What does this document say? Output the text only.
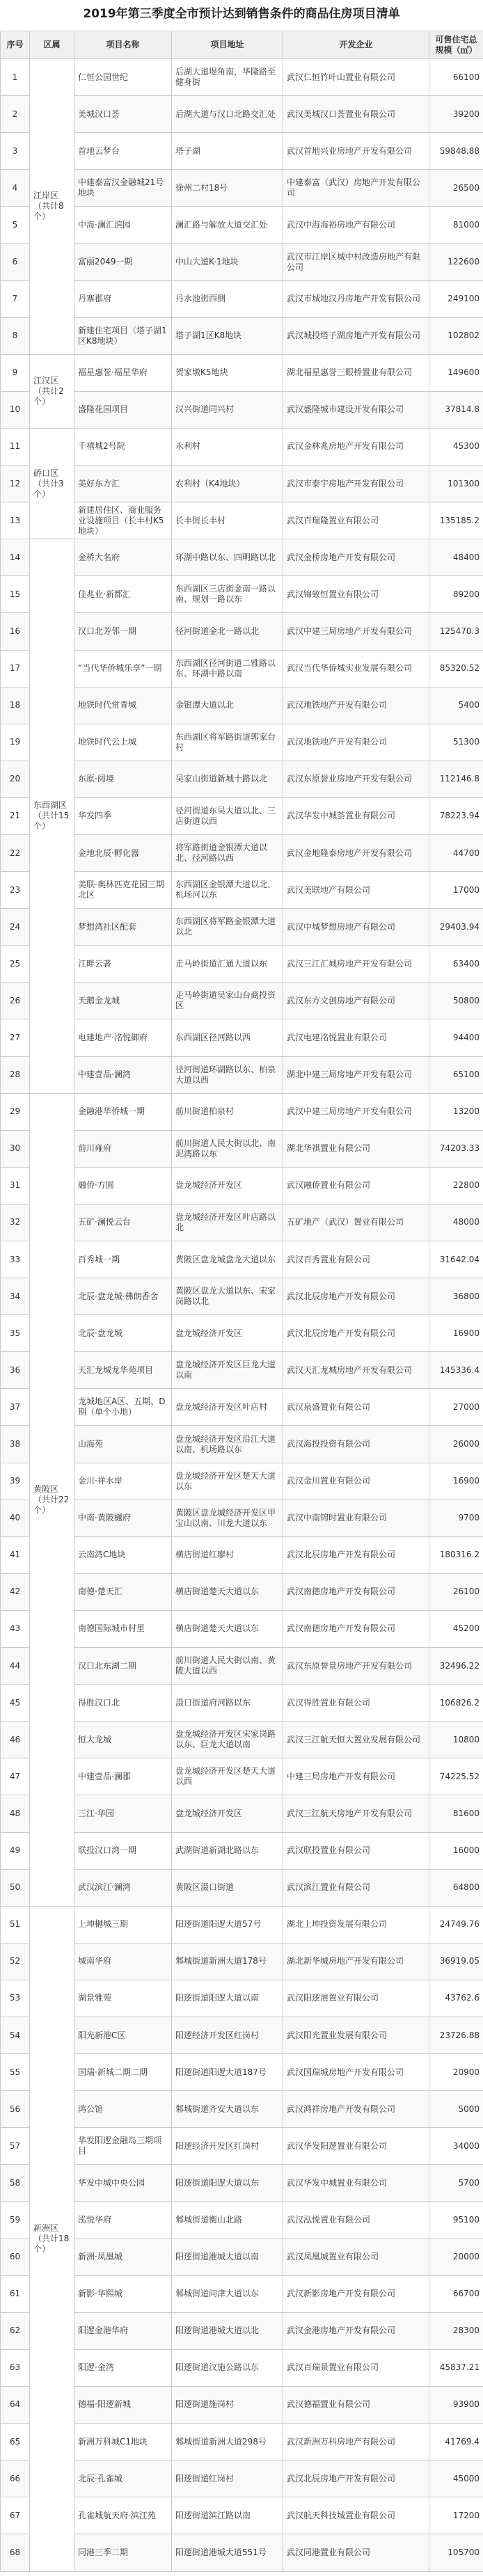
2019年第三季度全市预计达到销售条件的商品住房项目清单
序号	区属	项目名称	项目地址	开发企业	可售住宅总规模（㎡）
1	江岸区（共计8个）	仁恒公园世纪	后湖大道堤角南，华隆路至健身街	武汉仁恒竹叶山置业有限公司	66100
2		美城汉口荟	后湖大道与汉口北路交汇处	武汉美城汉口荟置业有限公司	39200
3		首地云梦台	塔子湖	武汉首地兴业房地产开发有限公司	59848.88
4		中建泰富汉金融城21号地块	徐州二村18号	中建泰富（武汉）房地产开发有限公司	26500
5		中海·澜汇滨园	澜汇路与解放大道交汇处	武汉中海海裕房地产有限公司	81000
6		富丽2049一期	中山大道K-1地块	武汉市江岸区城中村改造房地产有限公司	122600
7		丹寨郡府	丹水池街西侧	武汉市城地汉丹房地产开发有限公司	249100
8		新建住宅项目（塔子湖1区K8地块）	塔子湖1区K8地块	武汉城投塔子湖房地产开发有限公司	102802
9	江汉区（共计2个）	福星惠誉·福星华府	贺家墩K5地块	湖北福星惠誉三眼桥置业有限公司	149600
10		盛隆花园项目	汉兴街道同兴村	武汉盛隆城市建设开发有限公司	37814.8
11	硚口区（共计3个）	千禧城2号院	永利村	武汉金林兆房地产开发有限公司	45300
12		美好东方汇	农利村（K4地块）	武汉市泰宇房地产开发有限公司	101300
13		新建居住区、商业服务业设施项目（长丰村K5地块）	长丰街长丰村	武汉百瑞隆置业有限公司	135185.2
14	东西湖区（共计15个）	金桥大名府	环湖中路以东、四明路以北	武汉金桥房地产开发有限公司	48400
15		佳兆业·新都汇	东西湖区三店街金南一路以南、规划一路以东	武汉锦致恒置业有限公司	89200
16		汉口北芳邻一期	径河街道金北一路以北	武汉中建三局房地产开发有限公司	125470.3
17		“当代华侨城乐享”一期	东西湖区径河街道二雅路以东、环湖中路以南	武汉当代华侨城实业发展有限公司	85320.52
18		地铁时代常青城	金银潭大道以北	武汉地铁地产开发有限公司	5400
19		地铁时代云上城	东西湖区将军路街道郭家台村	武汉地铁地产开发有限公司	51300
20		东原·阅境	吴家山街道新城十路以北	武汉东原誉业房地产开发有限公司	112146.8
21		华发四季	径河街道东吴大道以北、三店街道以西	武汉华发中城荟置业有限公司	78223.94
22		金地北辰·孵化器	将军路街道金银潭大道以北、径河路以西	武汉金地隆泰房地产开发有限公司	44700
23		美联·奥林匹克花园三期北区	东西湖区金银潭大道以北、机场河以东	武汉美联地产有限公司	17000
24		梦想湾社区配套	东西湖区将军路金银潭大道以北	武汉中城梦想房地产有限公司	29403.94
25		江畔云著	走马岭街道汇通大道以东	武汉三江汇城房地产开发有限公司	63400
26		天鹅金龙城	走马岭街道吴家山台商投资区	武汉东方文创房地产有限公司	50800
27		电建地产·洺悦御府	东西湖区径河路以西	武汉电建洺悦置业有限公司	94400
28		中建壹品·澜湾	径河街道环湖路以东、柏泉大道以西	湖北中建三局房地产开发有限公司	65100
29	黄陂区（共计22个）	金融港华侨城一期	前川街道柏泉村	武汉中建三局房地产开发有限公司	13200
30		前川雍府	前川街道人民大街以北、南泥湾路以东	湖北华祺置业有限公司	74203.33
31		融侨·方圆	盘龙城经济开发区	武汉融侨置业有限公司	22800
32		五矿·澜悦云台	盘龙城经济开发区叶店路以北	五矿地产（武汉）置业有限公司	48000
33		百秀城一期	黄陂区盘龙城盘龙大道以东	武汉百秀置业有限公司	31642.04
34		北辰·盘龙城·佛朗香舍	黄陂区盘龙大道以东、宋家岗路以北	武汉北辰房地产开发有限公司	36800
35		北辰·盘龙城	盘龙城经济开发区	武汉北辰房地产开发有限公司	16900
36		天汇龙城龙华苑项目	盘龙城经济开发区巨龙大道以南	武汉天汇龙城房地产开发有限公司	145336.4
37		龙城地区A区、五期、D期（单个小地）	盘龙城经济开发区叶店村	武汉泉盛置业有限公司	27000
38		山海苑	盘龙城经济开发区沿江大道以南、机场路以东	武汉海投投资有限公司	26000
39		金川·祥水岸	盘龙城经济开发区楚天大道以东	武汉金川置业有限公司	16900
40		中南·黄陂樾府	黄陂区盘龙城经济开发区甲宝山以南、川龙大道以东	武汉中南锦时置业有限公司	9700
41		云南湾C地块	横店街道红廖村	武汉北辰房地产开发有限公司	180316.2
42		南德·楚天汇	横店街道楚天大道以东	武汉南德房地产开发有限公司	26100
43		南德国际城市村里	横店街道楚天大道以东	武汉南德房地产开发有限公司	45200
44		汉口北东湖二期	前川街道人民大街以南、黄陂大道以西	武汉东原誉景房地产开发有限公司	32496.22
45		得胜汉口北	滠口街道府河路以东	武汉得胜置业有限公司	106826.2
46		恒大龙城	盘龙城经济开发区宋家岗路以东、巨龙大道以南	武汉三江航天恒大置业发展有限公司	10800
47		中建壹品·澜郡	盘龙城经济开发区楚天大道以西	中建三局房地产开发有限公司	74225.52
48		三江·华园	盘龙城经济开发区	武汉三江航天房地产开发有限公司	81600
49		联投汉口湾一期	武湖街道新湖北路以东	武汉联投置业有限公司	16000
50		武汉滨江·澜湾	黄陂区滠口街道	武汉滨江置业有限公司	64800
51	新洲区（共计18个）	上坤樾城三期	阳逻街道阳逻大道57号	湖北上坤投资发展有限公司	24749.76
52		城南华府	邾城街道新洲大道178号	湖北新华城房地产开发有限公司	36919.05
53		湖景雅苑	阳逻街道阳逻大道以南	武汉阳逻港置业有限公司	43762.6
54		阳光新港C区	阳逻经济开发区红岗村	武汉阳光置业发展有限公司	23726.88
55		国瑞·新城二期二期	阳逻街道阳逻大道187号	武汉国瑞城房地产开发有限公司	20900
56		鸿公馆	邾城街道齐安大道以东	武汉鸿祥房地产开发有限公司	5000
57		华发阳逻金融岛三期项目	阳逻经济开发区红岗村	武汉华发阳逻置业有限公司	34000
58		华发中城中央公园	阳逻街道阳逻大道以东	武汉华发中城置业有限公司	5700
59		泓悦华府	邾城街道衡山北路	武汉泓悦置业有限公司	95100
60		新洲·凤凰城	阳逻街道港城大道以南	武汉凤凰城置业有限公司	20000
61		新影·华熙城	邾城街道问津大道以东	武汉新影房地产开发有限公司	66700
62		阳逻金港华府	阳逻街道港城大道以北	武汉金港房地产开发有限公司	28300
63		阳逻·金湾	阳逻街道汉施公路以东	武汉百瑞景置业有限公司	45837.21
64		德福·阳逻新城	阳逻街道施岗村	武汉德福置业有限公司	93900
65		新洲万科城C1地块	邾城街道新洲大道298号	武汉新洲万科房地产有限公司	41769.4
66		北辰·孔雀城	阳逻街道红岗村	武汉北辰房地产开发有限公司	45000
67		孔雀城航天府·滨江苑	阳逻街道滨江路以南	武汉航天科技城置业有限公司	17200
68		同港三季二期	阳逻街道港城大道551号	武汉同港置业有限公司	105700
